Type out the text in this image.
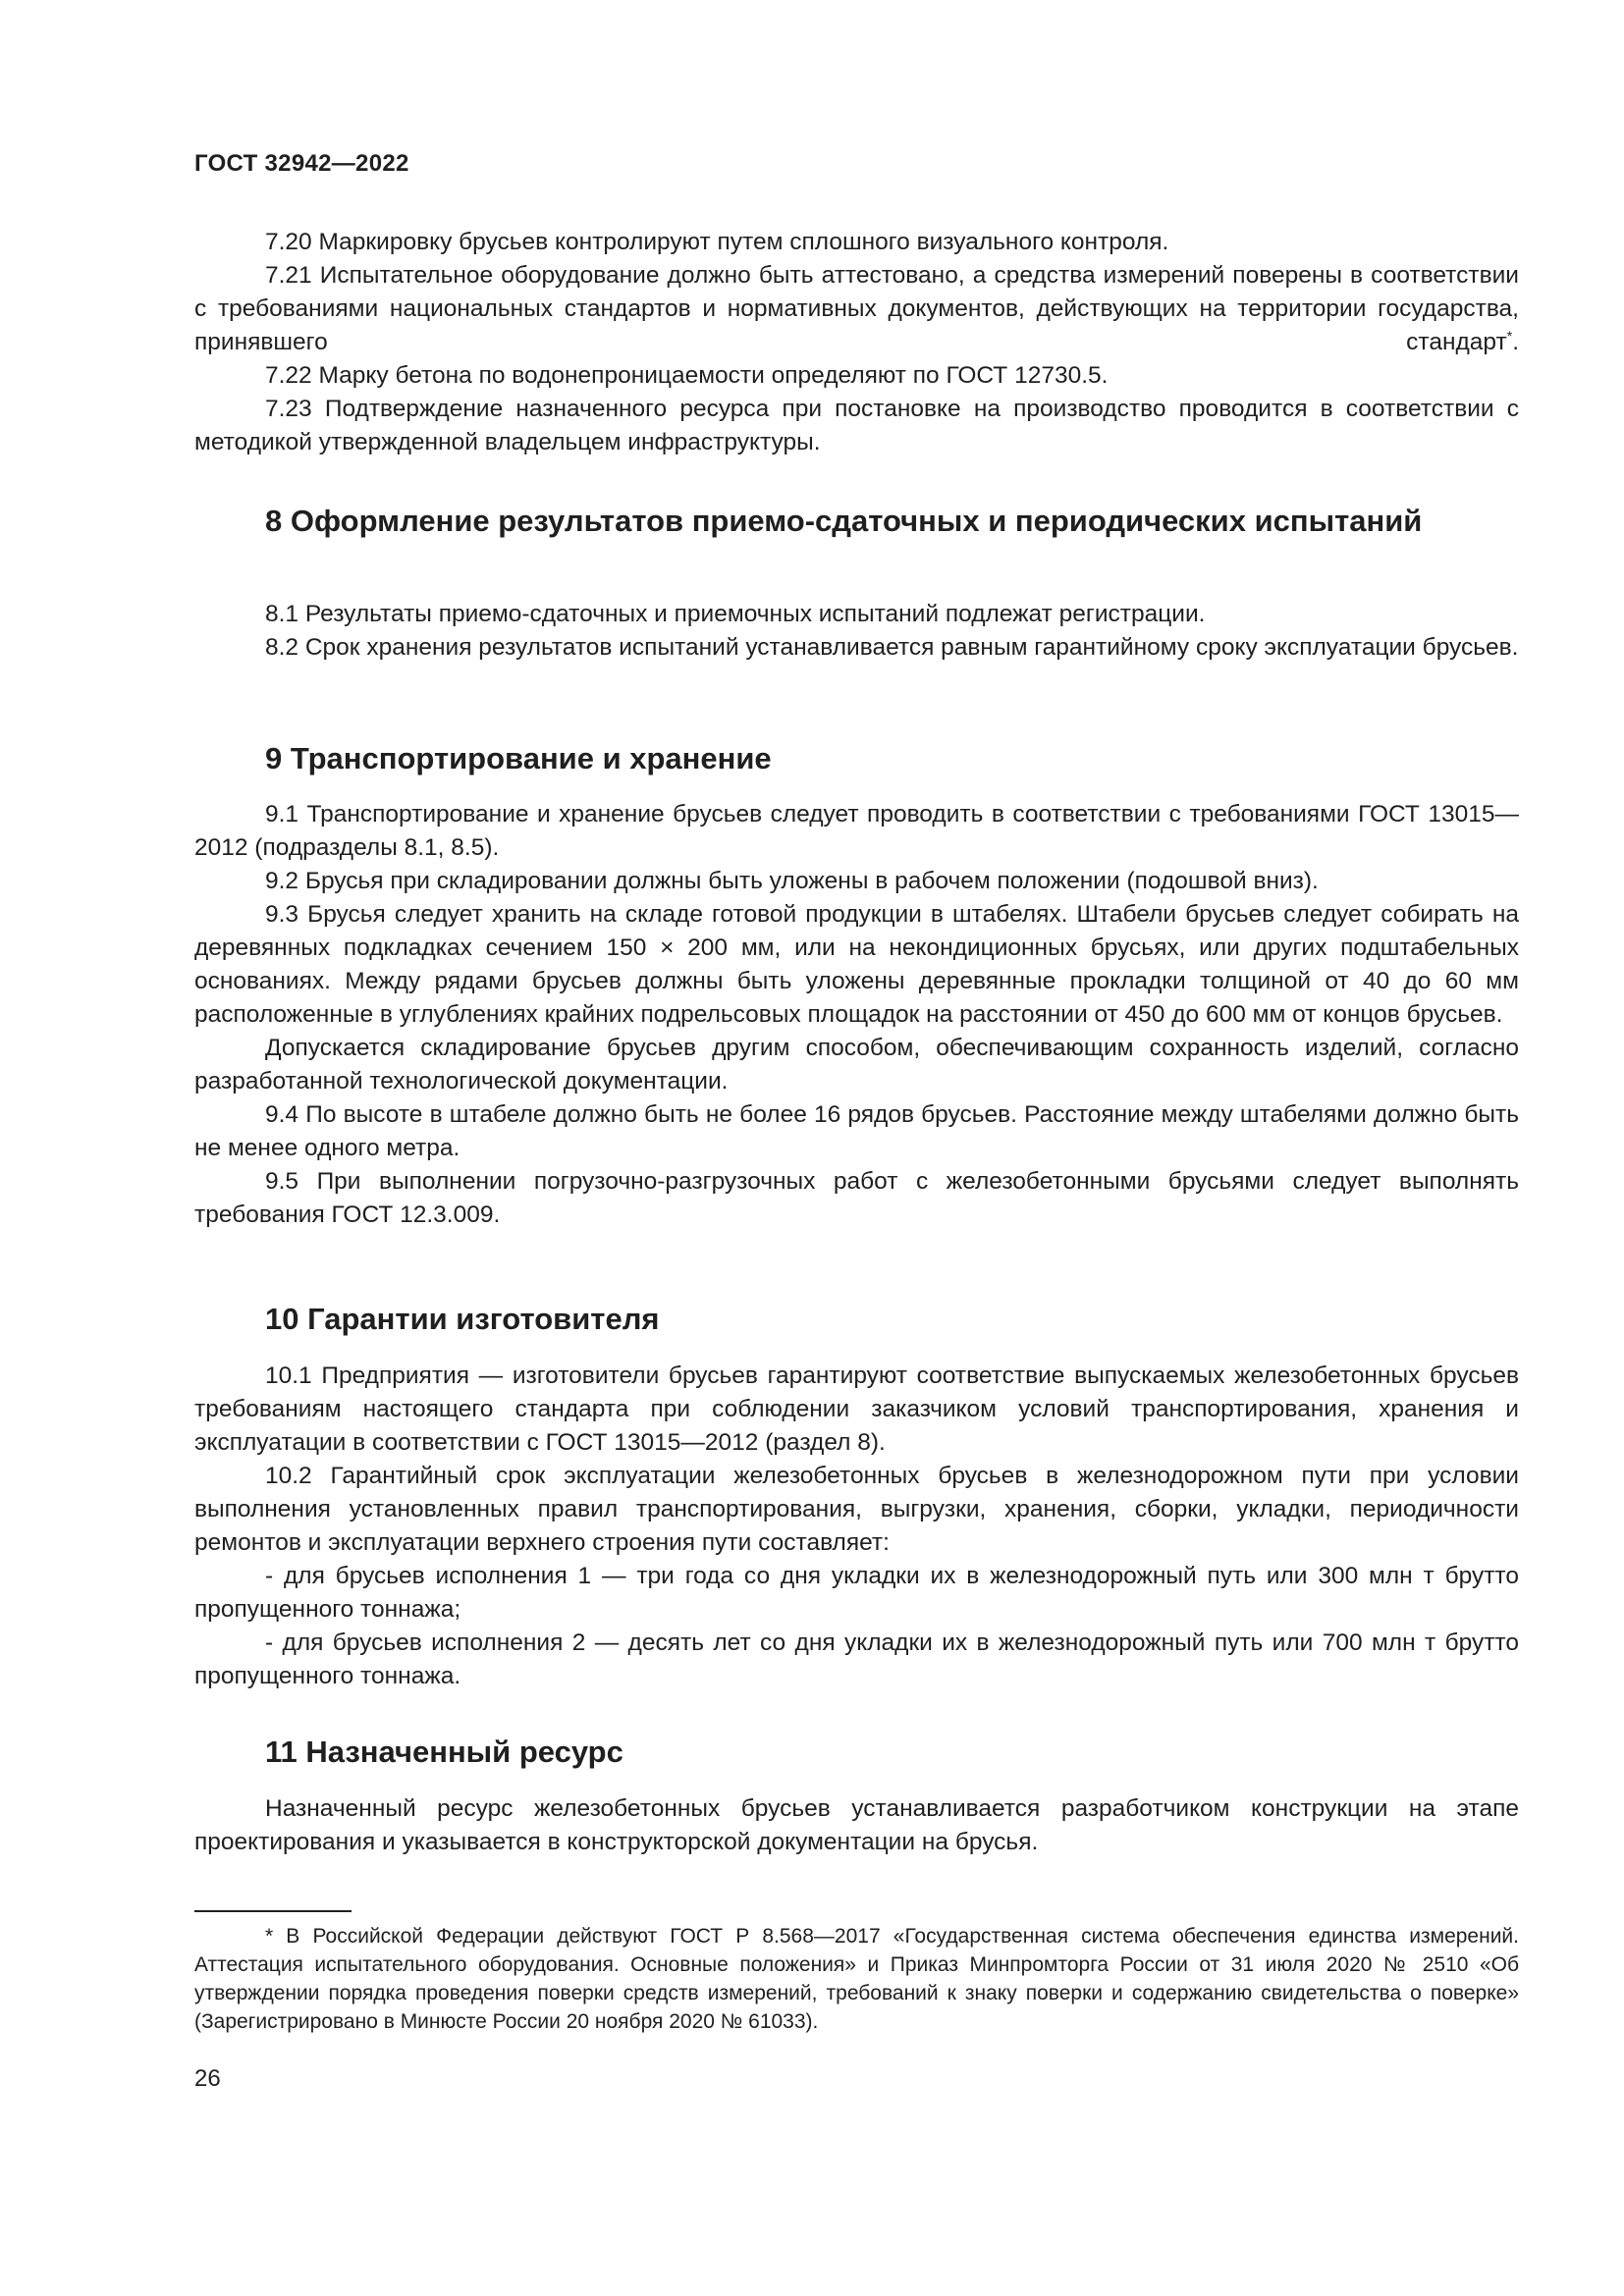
ГОСТ 32942—2022

7.20 Маркировку брусьев контролируют путем сплошного визуального контроля.

7.21 Испытательное оборудование должно быть аттестовано, а средства измерений поверены в соответствии с требованиями национальных стандартов и нормативных документов, действующих на территории государства, принявшего стандарт*.

7.22 Марку бетона по водонепроницаемости определяют по ГОСТ 12730.5.

7.23 Подтверждение назначенного ресурса при постановке на производство проводится в соответствии с методикой утвержденной владельцем инфраструктуры.

8 Оформление результатов приемо-сдаточных и периодических испытаний

8.1 Результаты приемо-сдаточных и приемочных испытаний подлежат регистрации.

8.2 Срок хранения результатов испытаний устанавливается равным гарантийному сроку эксплуатации брусьев.

9 Транспортирование и хранение

9.1 Транспортирование и хранение брусьев следует проводить в соответствии с требованиями ГОСТ 13015—2012 (подразделы 8.1, 8.5).

9.2 Брусья при складировании должны быть уложены в рабочем положении (подошвой вниз).

9.3 Брусья следует хранить на складе готовой продукции в штабелях. Штабели брусьев следует собирать на деревянных подкладках сечением 150 × 200 мм, или на некондиционных брусьях, или других подштабельных основаниях. Между рядами брусьев должны быть уложены деревянные прокладки толщиной от 40 до 60 мм расположенные в углублениях крайних подрельсовых площадок на расстоянии от 450 до 600 мм от концов брусьев.

Допускается складирование брусьев другим способом, обеспечивающим сохранность изделий, согласно разработанной технологической документации.

9.4 По высоте в штабеле должно быть не более 16 рядов брусьев. Расстояние между штабелями должно быть не менее одного метра.

9.5 При выполнении погрузочно-разгрузочных работ с железобетонными брусьями следует выполнять требования ГОСТ 12.3.009.

10 Гарантии изготовителя

10.1 Предприятия — изготовители брусьев гарантируют соответствие выпускаемых железобетонных брусьев требованиям настоящего стандарта при соблюдении заказчиком условий транспортирования, хранения и эксплуатации в соответствии с ГОСТ 13015—2012 (раздел 8).

10.2 Гарантийный срок эксплуатации железобетонных брусьев в железнодорожном пути при условии выполнения установленных правил транспортирования, выгрузки, хранения, сборки, укладки, периодичности ремонтов и эксплуатации верхнего строения пути составляет:

- для брусьев исполнения 1 — три года со дня укладки их в железнодорожный путь или 300 млн т брутто пропущенного тоннажа;

- для брусьев исполнения 2 — десять лет со дня укладки их в железнодорожный путь или 700 млн т брутто пропущенного тоннажа.

11 Назначенный ресурс

Назначенный ресурс железобетонных брусьев устанавливается разработчиком конструкции на этапе проектирования и указывается в конструкторской документации на брусья.

* В Российской Федерации действуют ГОСТ Р 8.568—2017 «Государственная система обеспечения единства измерений. Аттестация испытательного оборудования. Основные положения» и Приказ Минпромторга России от 31 июля 2020 № 2510 «Об утверждении порядка проведения поверки средств измерений, требований к знаку поверки и содержанию свидетельства о поверке» (Зарегистрировано в Минюсте России 20 ноября 2020 № 61033).

26
